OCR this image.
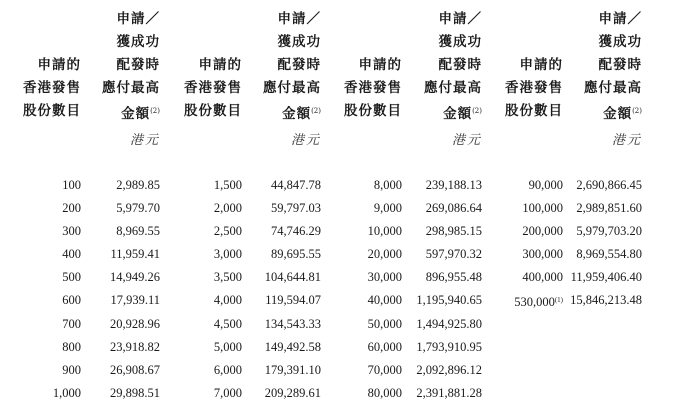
申請的
香港發售
股份數目
申請／
獲成功
配發時
應付最高
金額$^{(2)}$
港元
100
200
300
400
500
600
700
800
900
1,000
2,989.85
5,979.70
8,969.55
11,959.41
14,949.26
17,939.11
20,928.96
23,918.82
26,908.67
29,898.51
申請的
香港發售
股份數目
申請／
獲成功
配發時
應付最高
金額$^{(2)}$
港元
1,500
2,000
2,500
3,000
3,500
4,000
4,500
5,000
6,000
7,000
44,847.78
59,797.03
74,746.29
89,695.55
104,644.81
119,594.07
134,543.33
149,492.58
179,391.10
209,289.61
申請的
香港發售
股份數目
申請／
獲成功
配發時
應付最高
金額$^{(2)}$
港元
8,000
9,000
10,000
20,000
30,000
40,000
50,000
60,000
70,000
80,000
239,188.13
269,086.64
298,985.15
597,970.32
896,955.48
1,195,940.65
1,494,925.80
1,793,910.95
2,092,896.12
2,391,881.28
申請的
香港發售
股份數目
申請／
獲成功
配發時
應付最高
金額$^{(2)}$
港元
90,000
100,000
200,000
300,000
400,000
530,000$^{(1)}$
2,690,866.45
2,989,851.60
5,979,703.20
8,969,554.80
11,959,406.40
15,846,213.48
